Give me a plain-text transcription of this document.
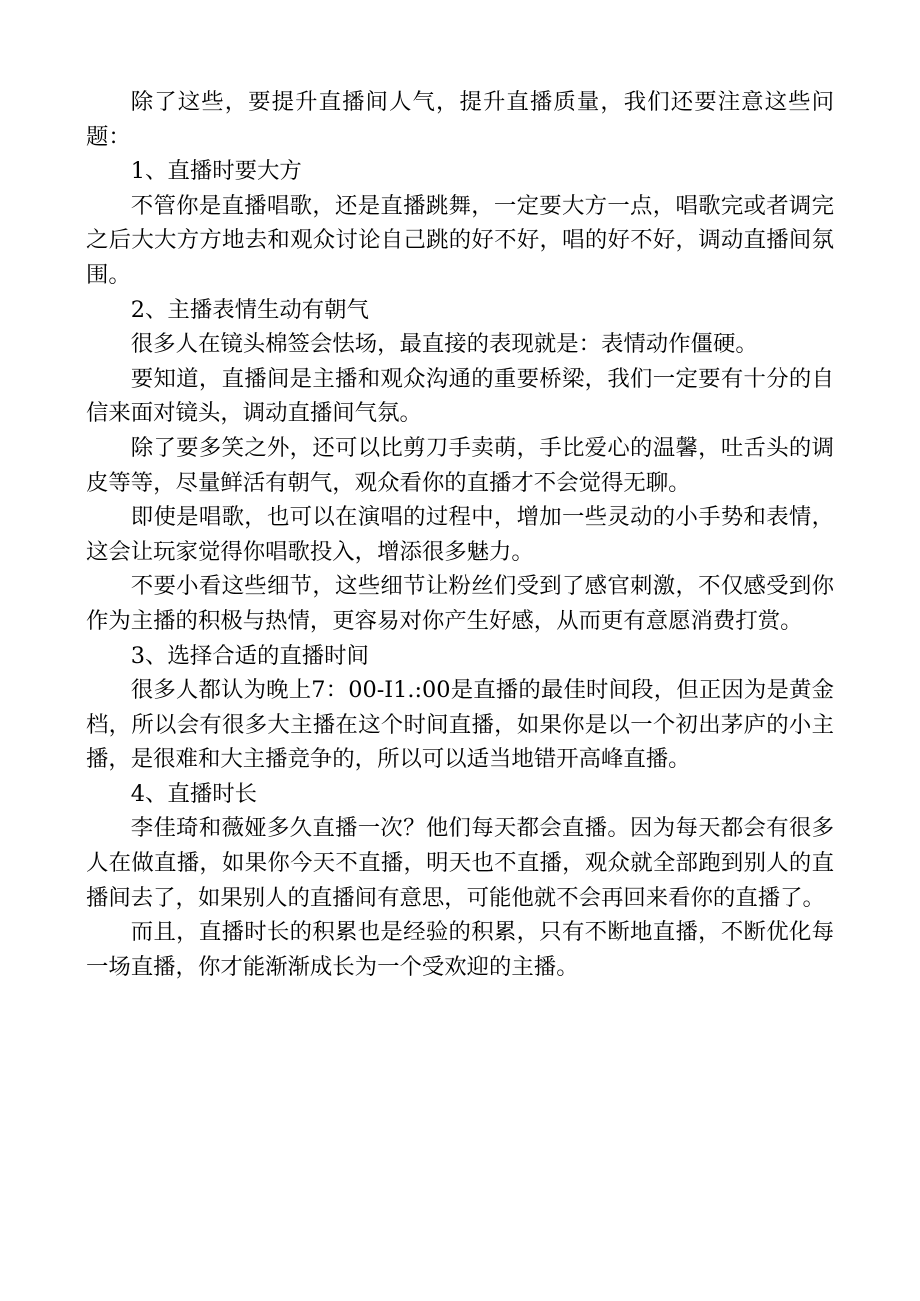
除了这些，要提升直播间人气，提升直播质量，我们还要注意这些问题：

1、直播时要大方

不管你是直播唱歌，还是直播跳舞，一定要大方一点，唱歌完或者调完之后大大方方地去和观众讨论自己跳的好不好，唱的好不好，调动直播间氛围。

2、主播表情生动有朝气

很多人在镜头棉签会怯场，最直接的表现就是：表情动作僵硬。

要知道，直播间是主播和观众沟通的重要桥梁，我们一定要有十分的自信来面对镜头，调动直播间气氛。

除了要多笑之外，还可以比剪刀手卖萌，手比爱心的温馨，吐舌头的调皮等等，尽量鲜活有朝气，观众看你的直播才不会觉得无聊。

即使是唱歌，也可以在演唱的过程中，增加一些灵动的小手势和表情，这会让玩家觉得你唱歌投入，增添很多魅力。

不要小看这些细节，这些细节让粉丝们受到了感官刺激，不仅感受到你作为主播的积极与热情，更容易对你产生好感，从而更有意愿消费打赏。

3、选择合适的直播时间

很多人都认为晚上7：00-I1.:00是直播的最佳时间段，但正因为是黄金档，所以会有很多大主播在这个时间直播，如果你是以一个初出茅庐的小主播，是很难和大主播竞争的，所以可以适当地错开高峰直播。

4、直播时长

李佳琦和薇娅多久直播一次？他们每天都会直播。因为每天都会有很多人在做直播，如果你今天不直播，明天也不直播，观众就全部跑到别人的直播间去了，如果别人的直播间有意思，可能他就不会再回来看你的直播了。

而且，直播时长的积累也是经验的积累，只有不断地直播，不断优化每一场直播，你才能渐渐成长为一个受欢迎的主播。
